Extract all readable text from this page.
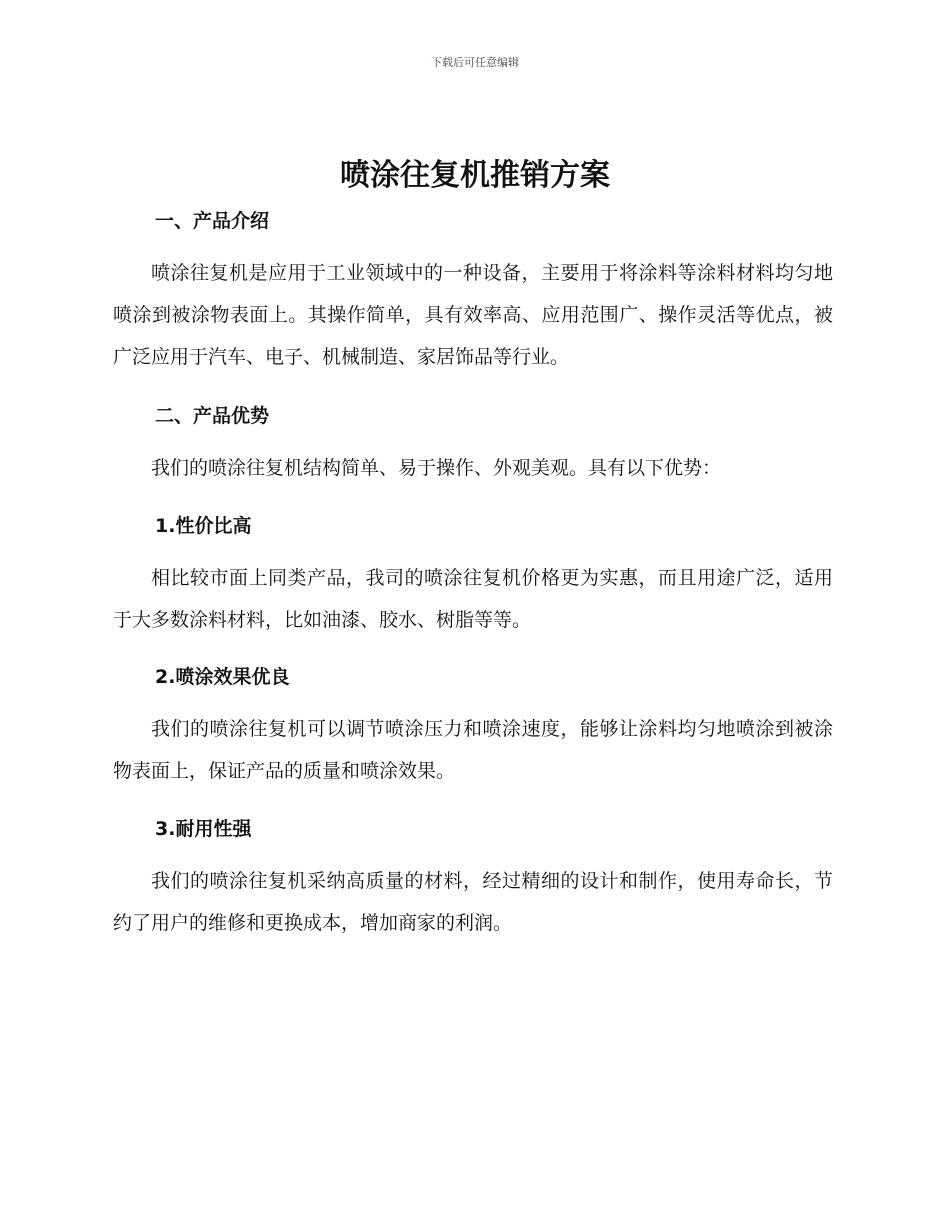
下载后可任意编辑
喷涂往复机推销方案
一、产品介绍

喷涂往复机是应用于工业领域中的一种设备，主要用于将涂料等涂料材料均匀地喷涂到被涂物表面上。其操作简单，具有效率高、应用范围广、操作灵活等优点，被广泛应用于汽车、电子、机械制造、家居饰品等行业。

二、产品优势

我们的喷涂往复机结构简单、易于操作、外观美观。具有以下优势：

1.性价比高

相比较市面上同类产品，我司的喷涂往复机价格更为实惠，而且用途广泛，适用于大多数涂料材料，比如油漆、胶水、树脂等等。

2.喷涂效果优良

我们的喷涂往复机可以调节喷涂压力和喷涂速度，能够让涂料均匀地喷涂到被涂物表面上，保证产品的质量和喷涂效果。

3.耐用性强

我们的喷涂往复机采纳高质量的材料，经过精细的设计和制作，使用寿命长，节约了用户的维修和更换成本，增加商家的利润。
